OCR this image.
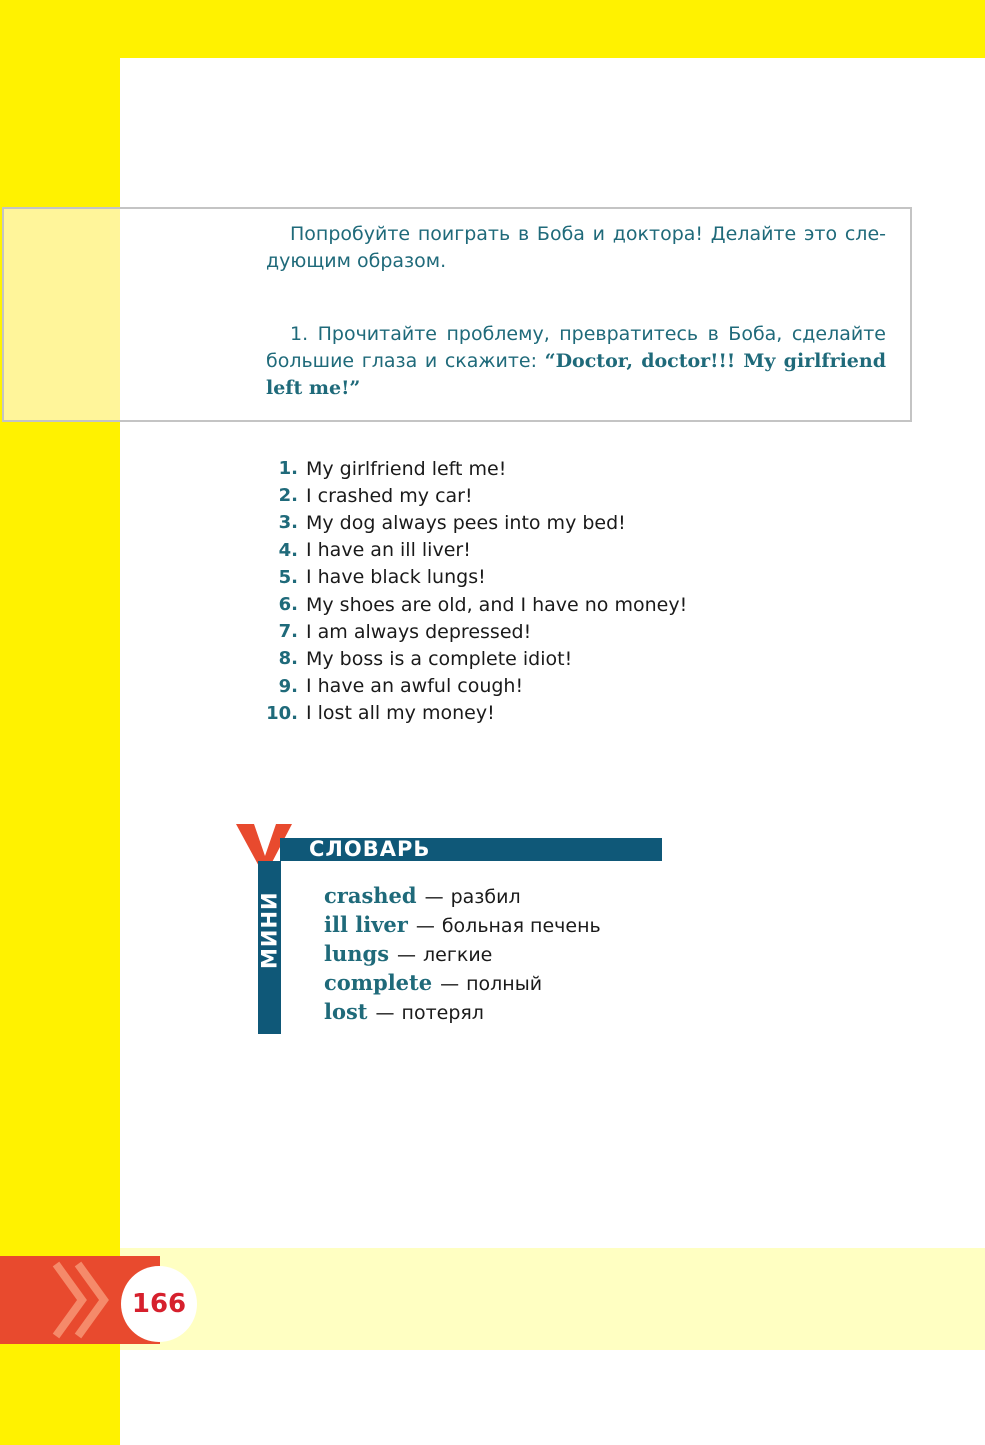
Попробуйте поиграть в Боба и доктора! Делайте это сле-дующим образом.
1. Прочитайте проблему, превратитесь в Боба, сделайте большие глаза и скажите: “Doctor, doctor!!! My girlfriend left me!”
1. My girlfriend left me!
2. I crashed my car!
3. My dog always pees into my bed!
4. I have an ill liver!
5. I have black lungs!
6. My shoes are old, and I have no money!
7. I am always depressed!
8. My boss is a complete idiot!
9. I have an awful cough!
10. I lost all my money!
СЛОВАРЬ
МИНИ crashed — разбил
ill liver — больная печень
lungs — легкие
complete — полный
lost — потерял
166
